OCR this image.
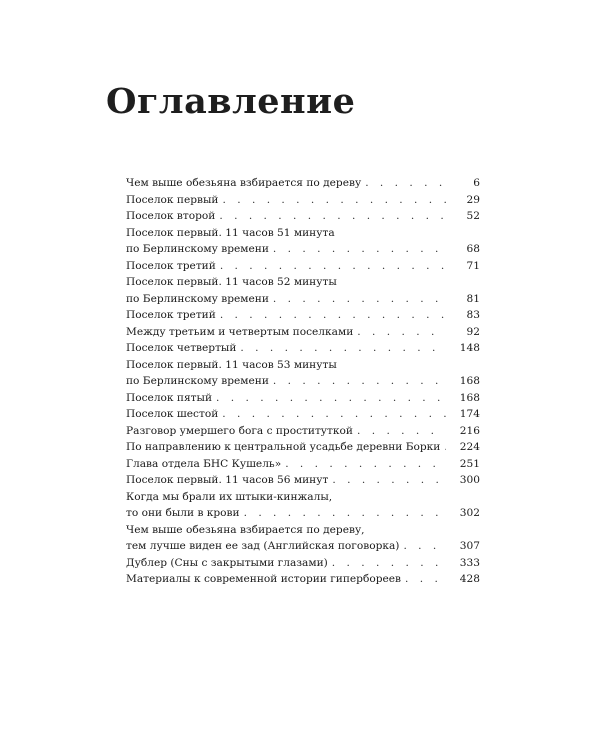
Оглавление
Чем выше обезьяна взбирается по дереву . . .	6
Поселок первый . . .	29
Поселок второй . . .	52
Поселок первый. 11 часов 51 минута
по Берлинскому времени . . .	68
Поселок третий . . .	71
Поселок первый. 11 часов 52 минуты
по Берлинскому времени . . .	81
Поселок третий . . .	83
Между третьим и четвертым поселками . . .	92
Поселок четвертый . . .	148
Поселок первый. 11 часов 53 минуты
по Берлинскому времени . . .	168
Поселок пятый . . .	168
Поселок шестой . . .	174
Разговор умершего бога с проституткой . . .	216
По направлению к центральной усадьбе деревни Борки . . .	224
Глава отдела БНС Кушель» . . .	251
Поселок первый. 11 часов 56 минут . . .	300
Когда мы брали их штыки-кинжалы,
то они были в крови . . .	302
Чем выше обезьяна взбирается по дереву,
тем лучше виден ее зад (Английская поговорка) . . .	307
Дублер (Сны с закрытыми глазами) . . .	333
Материалы к современной истории гипербореев . . .	428
